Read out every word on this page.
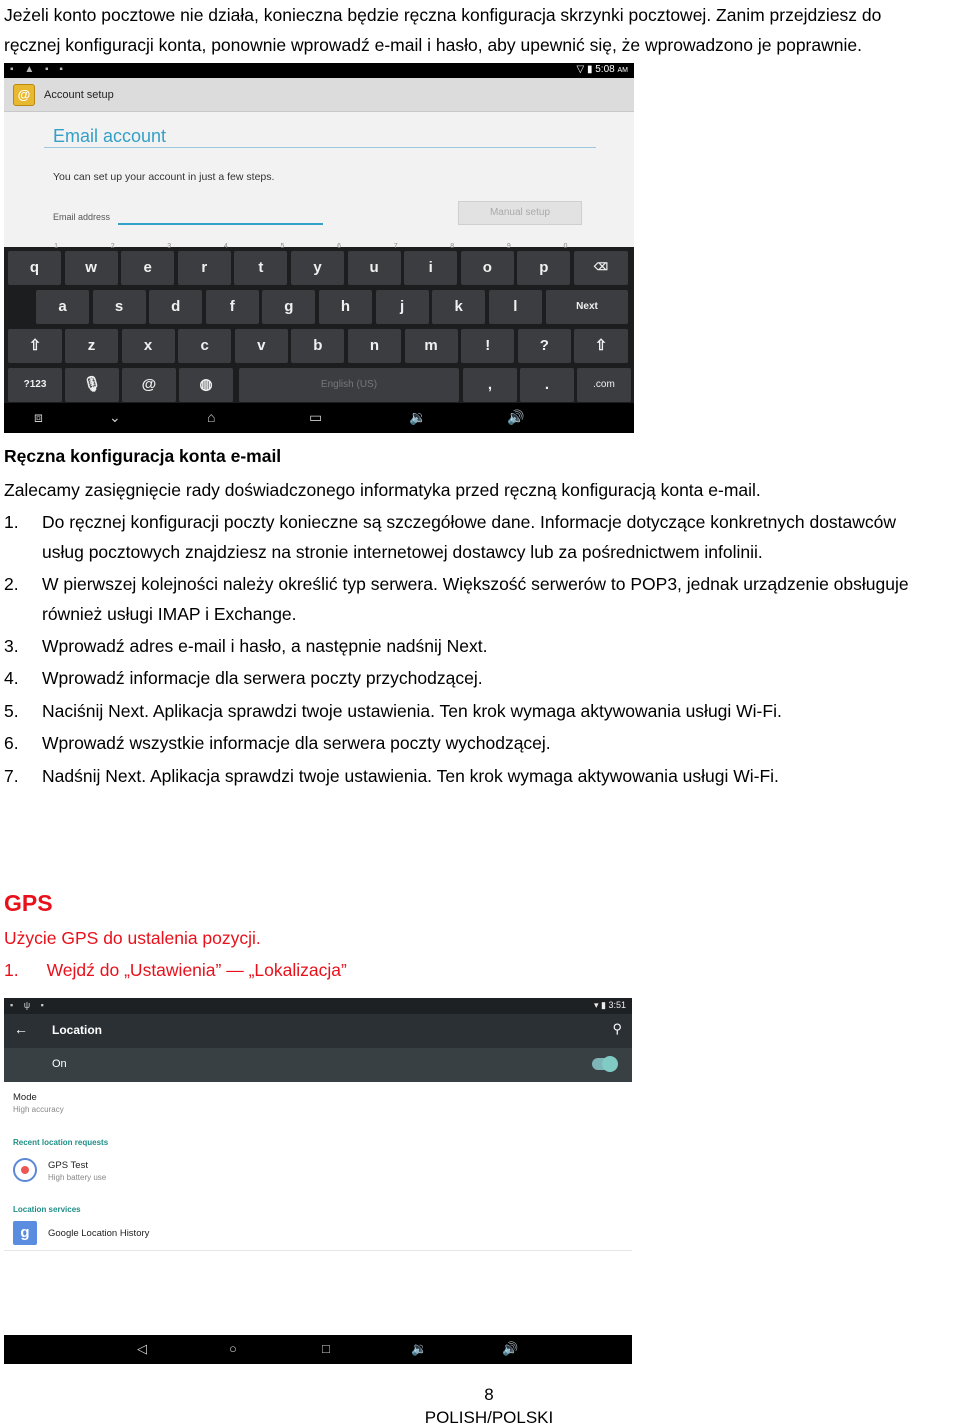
Jeżeli konto pocztowe nie działa, konieczna będzie ręczna konfiguracja skrzynki pocztowej. Zanim przejdziesz do

ręcznej konfiguracji konta, ponownie wprowadź e-mail i hasło, aby upewnić się, że wprowadzono je poprawnie.

▪ ▲ ▪ ▪	▽ ▮ 5:08 AM
@	Account setup
Email account
You can set up your account in just a few steps.
Email address	Manual setup
q
1
w
2
e
3
r
4
t
5
y
6
u
7
i
8
o
9
p
0
⌫
a	s	d	f	g	h	j	k	l	Next
⇧	z	x	c	v	b	n	m	!	?	⇧
?123	🎙	@	◍	English (US)	,	.	.com
⧈	⌄	⌂	▭	🔉	🔊
Ręczna konfiguracja konta e-mail
Zalecamy zasięgnięcie rady doświadczonego informatyka przed ręczną konfiguracją konta e-mail.
1. Do ręcznej konfiguracji poczty konieczne są szczegółowe dane. Informacje dotyczące konkretnych dostawców
usług pocztowych znajdziesz na stronie internetowej dostawcy lub za pośrednictwem infolinii.
2. W pierwszej kolejności należy określić typ serwera. Większość serwerów to POP3, jednak urządzenie obsługuje
również usługi IMAP i Exchange.
3. Wprowadź adres e-mail i hasło, a następnie nadśnij Next.
4. Wprowadź informacje dla serwera poczty przychodzącej.
5. Naciśnij Next. Aplikacja sprawdzi twoje ustawienia. Ten krok wymaga aktywowania usługi Wi-Fi.
6. Wprowadź wszystkie informacje dla serwera poczty wychodzącej.
7. Nadśnij Next. Aplikacja sprawdzi twoje ustawienia. Ten krok wymaga aktywowania usługi Wi-Fi.
GPS
Użycie GPS do ustalenia pozycji.
1. Wejdź do „Ustawienia” — „Lokalizacja”
▪ ψ ▪	▾ ▮ 3:51
← Location	⚲
On
Mode
High accuracy
Recent location requests
GPS Test
High battery use
Location services
g	Google Location History
◁	○	□	🔉	🔊
8
POLISH/POLSKI
